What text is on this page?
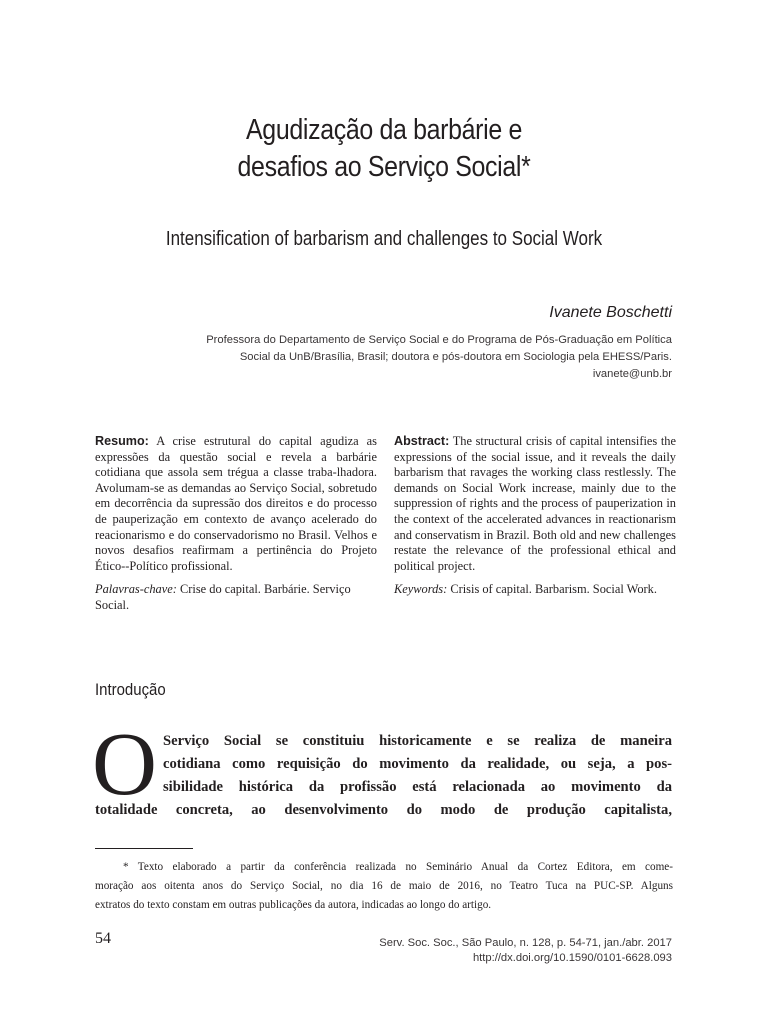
Agudização da barbárie e
desafios ao Serviço Social*
Intensification of barbarism and challenges to Social Work
Ivanete Boschetti
Professora do Departamento de Serviço Social e do Programa de Pós-Graduação em Política
Social da UnB/Brasília, Brasil; doutora e pós-doutora em Sociologia pela EHESS/Paris.
ivanete@unb.br
Resumo: A crise estrutural do capital agudiza as expressões da questão social e revela a barbárie cotidiana que assola sem trégua a classe traba-lhadora. Avolumam-se as demandas ao Serviço Social, sobretudo em decorrência da supressão dos direitos e do processo de pauperização em contexto de avanço acelerado do reacionarismo e do conservadorismo no Brasil. Velhos e novos desafios reafirmam a pertinência do Projeto Ético--Político profissional.
Palavras-chave: Crise do capital. Barbárie. Serviço Social.
Abstract: The structural crisis of capital intensifies the expressions of the social issue, and it reveals the daily barbarism that ravages the working class restlessly. The demands on Social Work increase, mainly due to the suppression of rights and the process of pauperization in the context of the accelerated advances in reactionarism and conservatism in Brazil. Both old and new challenges restate the relevance of the professional ethical and political project.
Keywords: Crisis of capital. Barbarism. Social Work.
Introdução
O Serviço Social se constituiu historicamente e se realiza de maneira
cotidiana como requisição do movimento da realidade, ou seja, a pos-
sibilidade histórica da profissão está relacionada ao movimento da
totalidade concreta, ao desenvolvimento do modo de produção capitalista,
* Texto elaborado a partir da conferência realizada no Seminário Anual da Cortez Editora, em come-
moração aos oitenta anos do Serviço Social, no dia 16 de maio de 2016, no Teatro Tuca na PUC-SP. Alguns
extratos do texto constam em outras publicações da autora, indicadas ao longo do artigo.
54	Serv. Soc. Soc., São Paulo, n. 128, p. 54-71, jan./abr. 2017
http://dx.doi.org/10.1590/0101-6628.093
